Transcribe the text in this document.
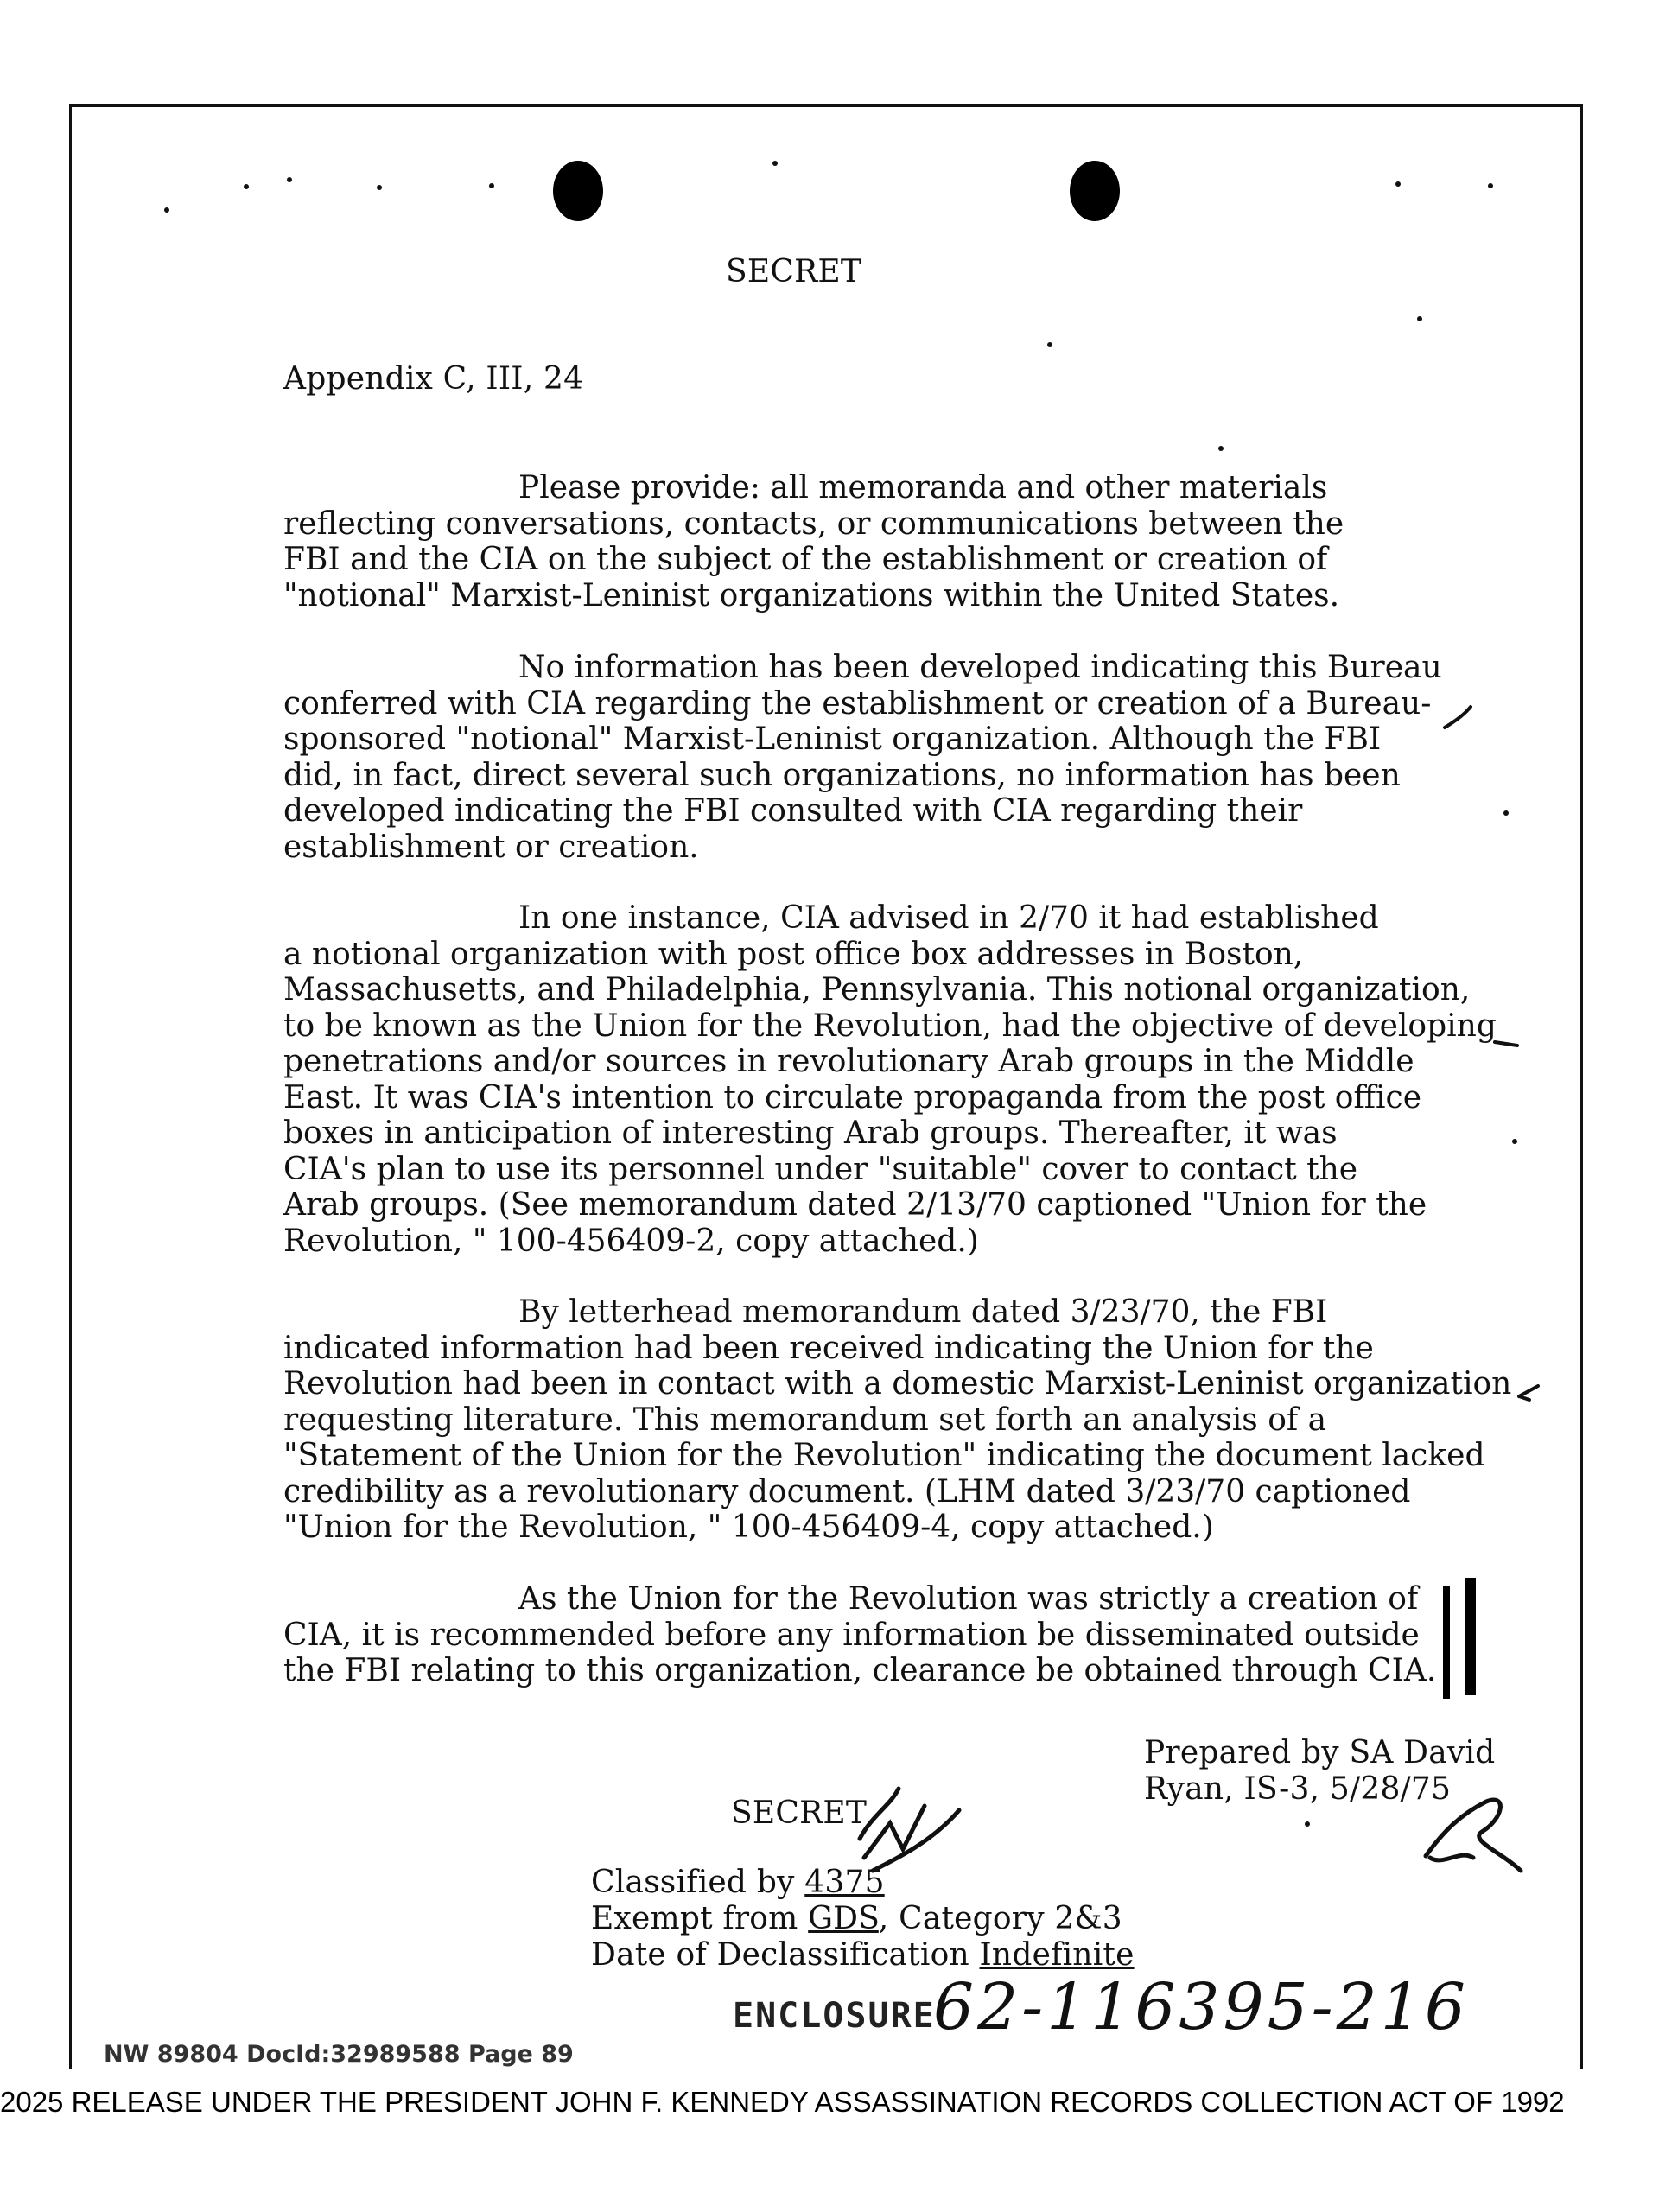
SECRET
Appendix C, III, 24
Please provide: all memoranda and other materials
reflecting conversations, contacts, or communications between the
FBI and the CIA on the subject of the establishment or creation of
"notional" Marxist-Leninist organizations within the United States.
No information has been developed indicating this Bureau
conferred with CIA regarding the establishment or creation of a Bureau-
sponsored "notional" Marxist-Leninist organization. Although the FBI
did, in fact, direct several such organizations, no information has been
developed indicating the FBI consulted with CIA regarding their
establishment or creation.
In one instance, CIA advised in 2/70 it had established
a notional organization with post office box addresses in Boston,
Massachusetts, and Philadelphia, Pennsylvania. This notional organization,
to be known as the Union for the Revolution, had the objective of developing
penetrations and/or sources in revolutionary Arab groups in the Middle
East. It was CIA's intention to circulate propaganda from the post office
boxes in anticipation of interesting Arab groups. Thereafter, it was
CIA's plan to use its personnel under "suitable" cover to contact the
Arab groups. (See memorandum dated 2/13/70 captioned "Union for the
Revolution, " 100-456409-2, copy attached.)
By letterhead memorandum dated 3/23/70, the FBI
indicated information had been received indicating the Union for the
Revolution had been in contact with a domestic Marxist-Leninist organization
requesting literature. This memorandum set forth an analysis of a
"Statement of the Union for the Revolution" indicating the document lacked
credibility as a revolutionary document. (LHM dated 3/23/70 captioned
"Union for the Revolution, " 100-456409-4, copy attached.)
As the Union for the Revolution was strictly a creation of
CIA, it is recommended before any information be disseminated outside
the FBI relating to this organization, clearance be obtained through CIA.
Prepared by SA David
Ryan, IS-3, 5/28/75
SECRET
Classified by 4375
Exempt from GDS, Category 2&3
Date of Declassification Indefinite
ENCLOSURE
62-116395-216
NW 89804 DocId:32989588 Page 89
2025 RELEASE UNDER THE PRESIDENT JOHN F. KENNEDY ASSASSINATION RECORDS COLLECTION ACT OF 1992
